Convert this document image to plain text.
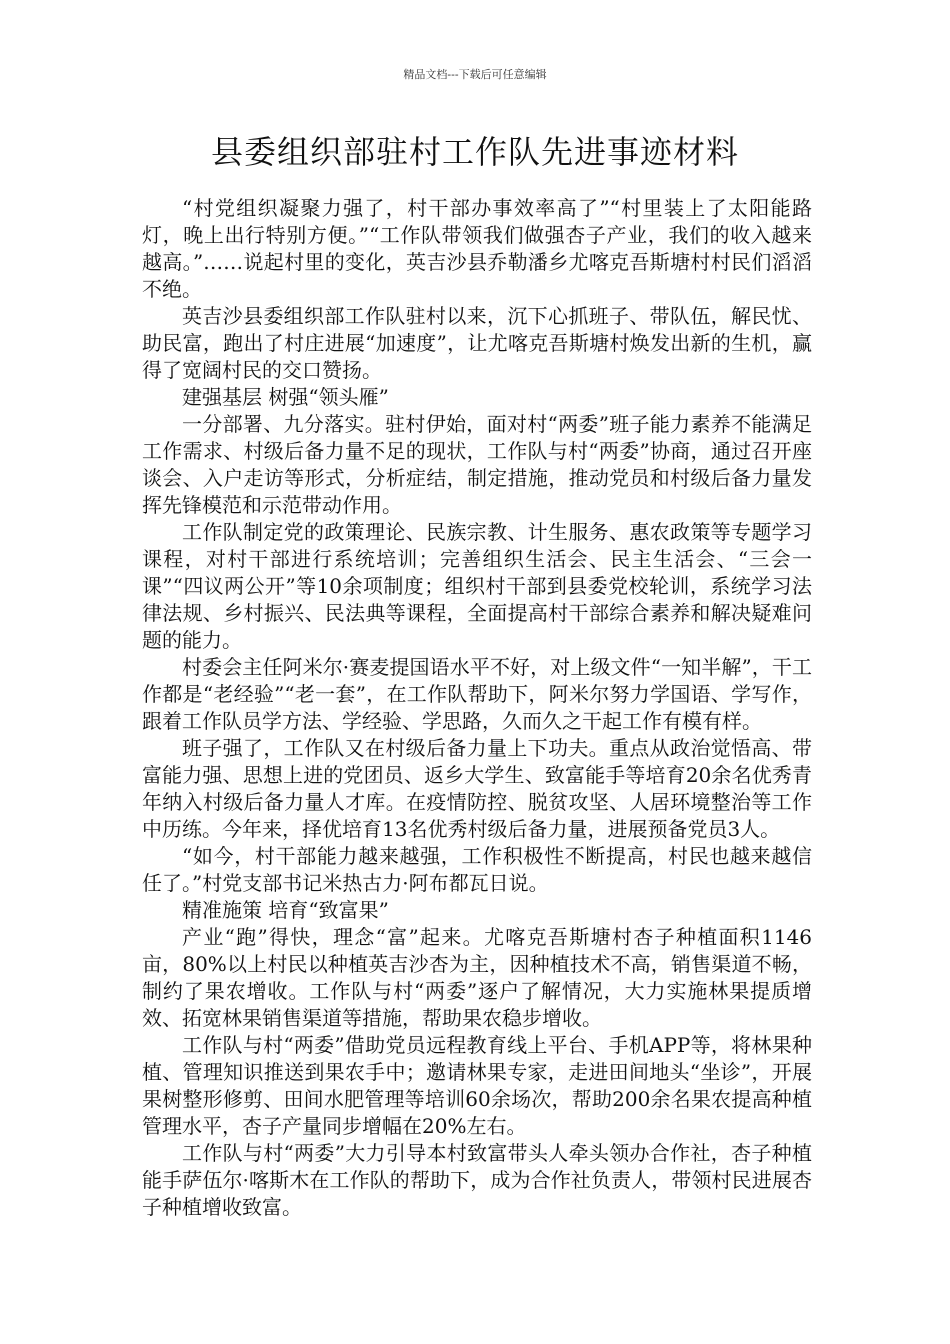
精品文档---下载后可任意编辑
县委组织部驻村工作队先进事迹材料

“村党组织凝聚力强了，村干部办事效率高了”“村里装上了太阳能路灯，晚上出行特别方便。”“工作队带领我们做强杏子产业，我们的收入越来越高。”……说起村里的变化，英吉沙县乔勒潘乡尤喀克吾斯塘村村民们滔滔不绝。

英吉沙县委组织部工作队驻村以来，沉下心抓班子、带队伍，解民忧、助民富，跑出了村庄进展“加速度”，让尤喀克吾斯塘村焕发出新的生机，赢得了宽阔村民的交口赞扬。

建强基层 树强“领头雁”

一分部署、九分落实。驻村伊始，面对村“两委”班子能力素养不能满足工作需求、村级后备力量不足的现状，工作队与村“两委”协商，通过召开座谈会、入户走访等形式，分析症结，制定措施，推动党员和村级后备力量发挥先锋模范和示范带动作用。

工作队制定党的政策理论、民族宗教、计生服务、惠农政策等专题学习课程，对村干部进行系统培训；完善组织生活会、民主生活会、“三会一课”“四议两公开”等10余项制度；组织村干部到县委党校轮训，系统学习法律法规、乡村振兴、民法典等课程，全面提高村干部综合素养和解决疑难问题的能力。

村委会主任阿米尔·赛麦提国语水平不好，对上级文件“一知半解”，干工作都是“老经验”“老一套”，在工作队帮助下，阿米尔努力学国语、学写作，跟着工作队员学方法、学经验、学思路，久而久之干起工作有模有样。

班子强了，工作队又在村级后备力量上下功夫。重点从政治觉悟高、带富能力强、思想上进的党团员、返乡大学生、致富能手等培育20余名优秀青年纳入村级后备力量人才库。在疫情防控、脱贫攻坚、人居环境整治等工作中历练。今年来，择优培育13名优秀村级后备力量，进展预备党员3人。

“如今，村干部能力越来越强，工作积极性不断提高，村民也越来越信任了。”村党支部书记米热古力·阿布都瓦日说。

精准施策 培育“致富果”

产业“跑”得快，理念“富”起来。尤喀克吾斯塘村杏子种植面积1146亩，80%以上村民以种植英吉沙杏为主，因种植技术不高，销售渠道不畅，制约了果农增收。工作队与村“两委”逐户了解情况，大力实施林果提质增效、拓宽林果销售渠道等措施，帮助果农稳步增收。

工作队与村“两委”借助党员远程教育线上平台、手机APP等，将林果种植、管理知识推送到果农手中；邀请林果专家，走进田间地头“坐诊”，开展果树整形修剪、田间水肥管理等培训60余场次，帮助200余名果农提高种植管理水平，杏子产量同步增幅在20%左右。

工作队与村“两委”大力引导本村致富带头人牵头领办合作社，杏子种植能手萨伍尔·喀斯木在工作队的帮助下，成为合作社负责人，带领村民进展杏子种植增收致富。
